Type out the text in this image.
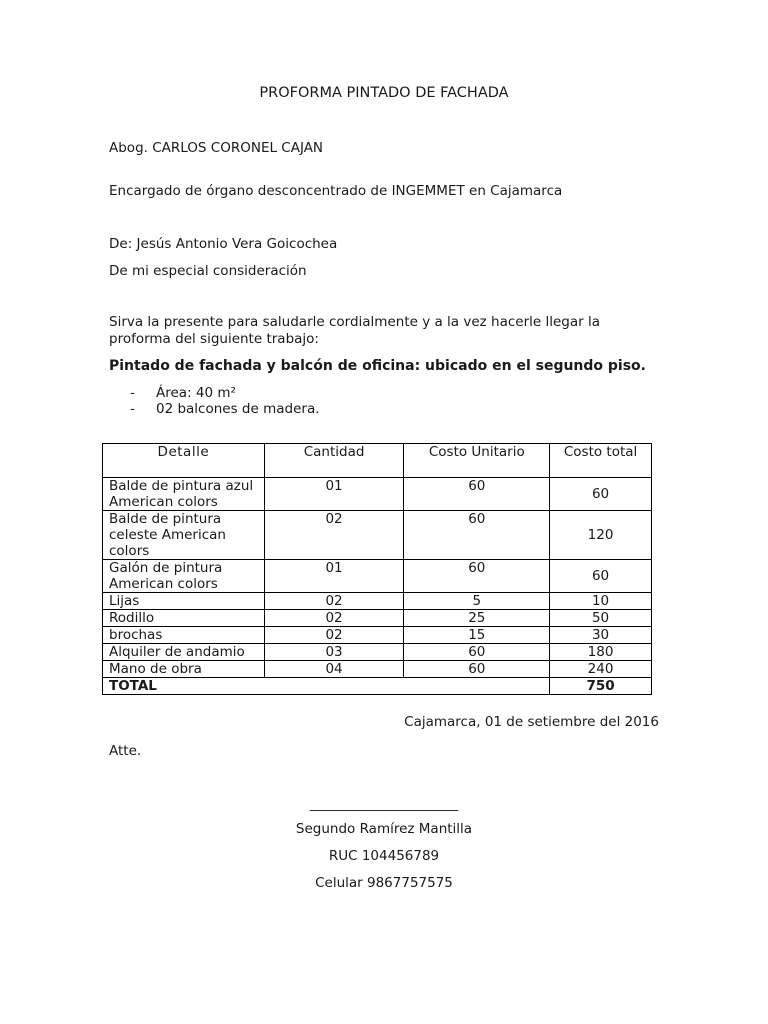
PROFORMA PINTADO DE FACHADA
Abog. CARLOS CORONEL CAJAN
Encargado de órgano desconcentrado de INGEMMET en Cajamarca
De: Jesús Antonio Vera Goicochea
De mi especial consideración
Sirva la presente para saludarle cordialmente y a la vez hacerle llegar la proforma del siguiente trabajo:
Pintado de fachada y balcón de oficina: ubicado en el segundo piso.
-	Área: 40 m²
-	02 balcones de madera.
Detalle	Cantidad	Costo Unitario	Costo total
Balde de pintura azul American colors	01	60	60
Balde de pintura celeste American colors	02	60	120
Galón de pintura American colors	01	60	60
Lijas	02	5	10
Rodillo	02	25	50
brochas	02	15	30
Alquiler de andamio	03	60	180
Mano de obra	04	60	240
TOTAL			750
Cajamarca, 01 de setiembre del 2016
Atte.
______________________
Segundo Ramírez Mantilla
RUC 104456789
Celular 9867757575
